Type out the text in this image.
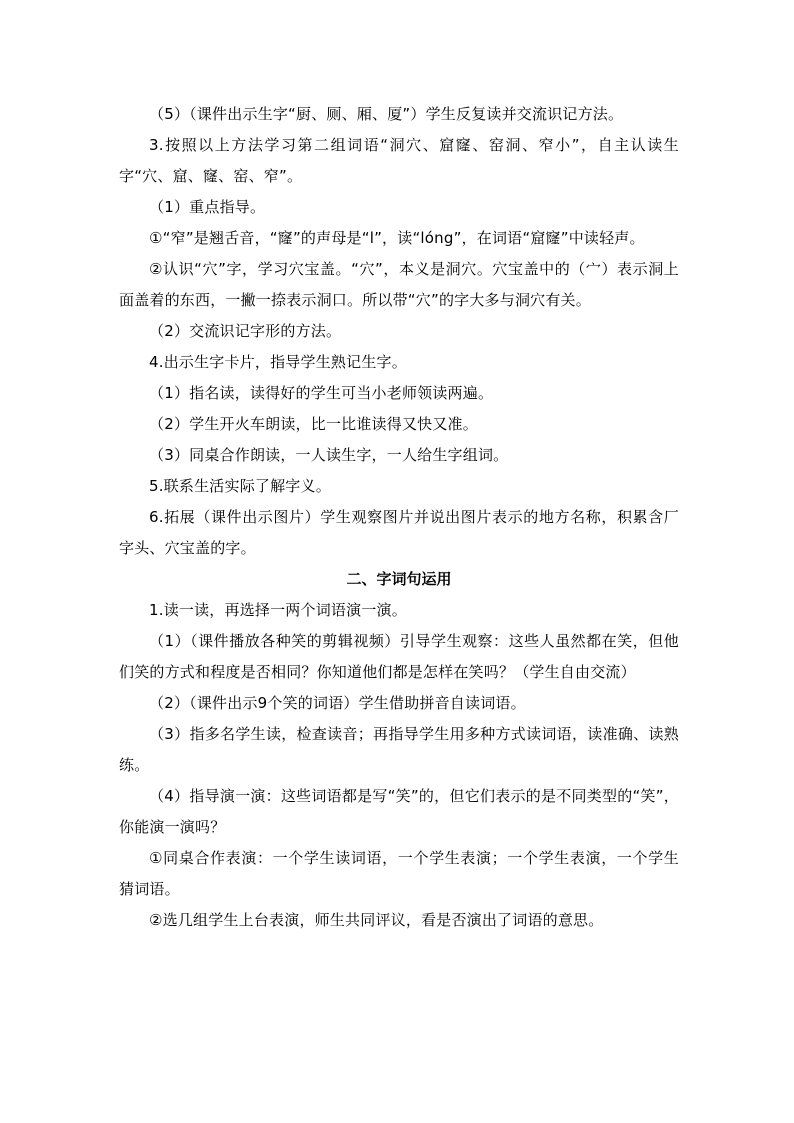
（5）（课件出示生字“厨、厕、厢、厦”）学生反复读并交流识记方法。

3.按照以上方法学习第二组词语“洞穴、窟窿、窑洞、窄小”，自主认读生字“穴、窟、窿、窑、窄”。

（1）重点指导。

①“窄”是翘舌音，“窿”的声母是“l”，读“lóng”，在词语“窟窿”中读轻声。

②认识“穴”字，学习穴宝盖。“穴”，本义是洞穴。穴宝盖中的（宀）表示洞上面盖着的东西，一撇一捺表示洞口。所以带“穴”的字大多与洞穴有关。

（2）交流识记字形的方法。

4.出示生字卡片，指导学生熟记生字。

（1）指名读，读得好的学生可当小老师领读两遍。

（2）学生开火车朗读，比一比谁读得又快又准。

（3）同桌合作朗读，一人读生字，一人给生字组词。

5.联系生活实际了解字义。

6.拓展（课件出示图片）学生观察图片并说出图片表示的地方名称，积累含厂字头、穴宝盖的字。

二、字词句运用

1.读一读，再选择一两个词语演一演。

（1）（课件播放各种笑的剪辑视频）引导学生观察：这些人虽然都在笑，但他们笑的方式和程度是否相同？你知道他们都是怎样在笑吗？（学生自由交流）

（2）（课件出示9个笑的词语）学生借助拼音自读词语。

（3）指多名学生读，检查读音；再指导学生用多种方式读词语，读准确、读熟练。

（4）指导演一演：这些词语都是写“笑”的，但它们表示的是不同类型的“笑”，你能演一演吗？

①同桌合作表演：一个学生读词语，一个学生表演；一个学生表演，一个学生猜词语。

②选几组学生上台表演，师生共同评议，看是否演出了词语的意思。
